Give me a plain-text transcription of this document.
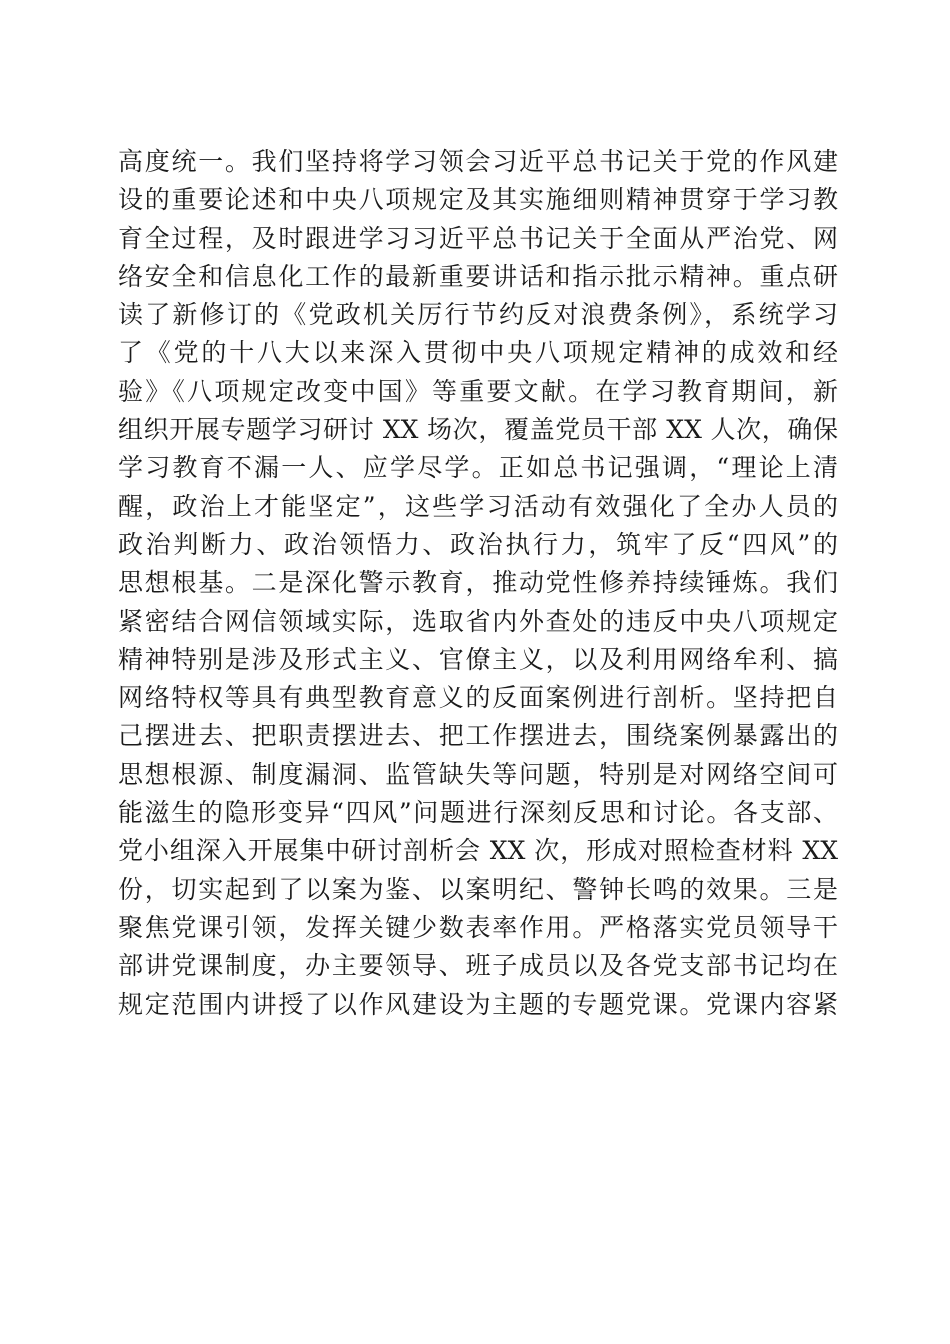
高度统一。我们坚持将学习领会习近平总书记关于党的作风建
设的重要论述和中央八项规定及其实施细则精神贯穿于学习教
育全过程，及时跟进学习习近平总书记关于全面从严治党、网
络安全和信息化工作的最新重要讲话和指示批示精神。重点研
读了新修订的《党政机关厉行节约反对浪费条例》，系统学习
了《党的十八大以来深入贯彻中央八项规定精神的成效和经
验》《八项规定改变中国》等重要文献。在学习教育期间，新
组织开展专题学习研讨 XX 场次，覆盖党员干部 XX 人次，确保
学习教育不漏一人、应学尽学。正如总书记强调，“理论上清
醒，政治上才能坚定”，这些学习活动有效强化了全办人员的
政治判断力、政治领悟力、政治执行力，筑牢了反“四风”的
思想根基。二是深化警示教育，推动党性修养持续锤炼。我们
紧密结合网信领域实际，选取省内外查处的违反中央八项规定
精神特别是涉及形式主义、官僚主义，以及利用网络牟利、搞
网络特权等具有典型教育意义的反面案例进行剖析。坚持把自
己摆进去、把职责摆进去、把工作摆进去，围绕案例暴露出的
思想根源、制度漏洞、监管缺失等问题，特别是对网络空间可
能滋生的隐形变异“四风”问题进行深刻反思和讨论。各支部、
党小组深入开展集中研讨剖析会 XX 次，形成对照检查材料 XX
份，切实起到了以案为鉴、以案明纪、警钟长鸣的效果。三是
聚焦党课引领，发挥关键少数表率作用。严格落实党员领导干
部讲党课制度，办主要领导、班子成员以及各党支部书记均在
规定范围内讲授了以作风建设为主题的专题党课。党课内容紧
